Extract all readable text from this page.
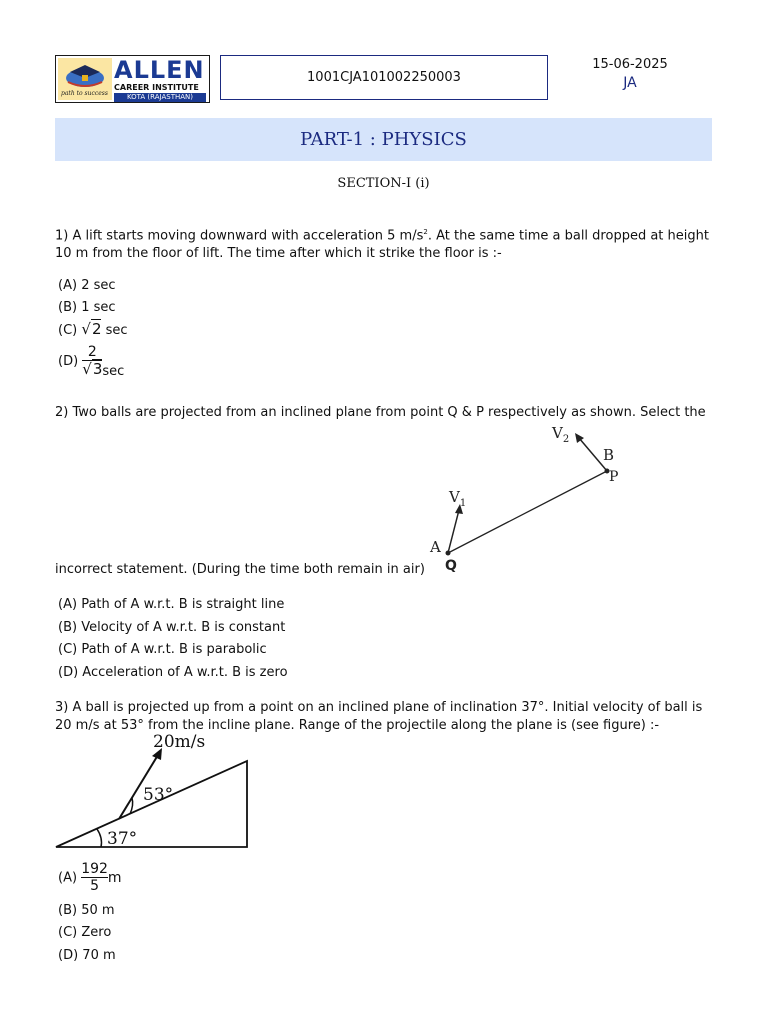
path to success
ALLEN
CAREER INSTITUTE
KOTA (RAJASTHAN)
1001CJA101002250003
15-06-2025
JA
PART-1 : PHYSICS
SECTION-I (i)
1) A lift starts moving downward with acceleration 5 $m/s^2$. At the same time a ball dropped at height
10 m from the floor of lift. The time after which it strike the floor is :-
(A) 2 sec
(B) 1 sec
(C) √2 sec
$(D) \frac{2}{√3}$ sec
2) Two balls are projected from an inclined plane from point Q & P respectively as shown. Select the
$V_2$
$V_1$
B
P
A
Q
incorrect statement. (During the time both remain in air)
(A) Path of A w.r.t. B is straight line
(B) Velocity of A w.r.t. B is constant
(C) Path of A w.r.t. B is parabolic
(D) Acceleration of A w.r.t. B is zero
3) A ball is projected up from a point on an inclined plane of inclination 37°. Initial velocity of ball is
20 m/s at 53° from the incline plane. Range of the projectile along the plane is (see figure) :-
20m/s
53°
37°
$(A) \frac{192}{5}$ m
(B) 50 m
(C) Zero
(D) 70 m
